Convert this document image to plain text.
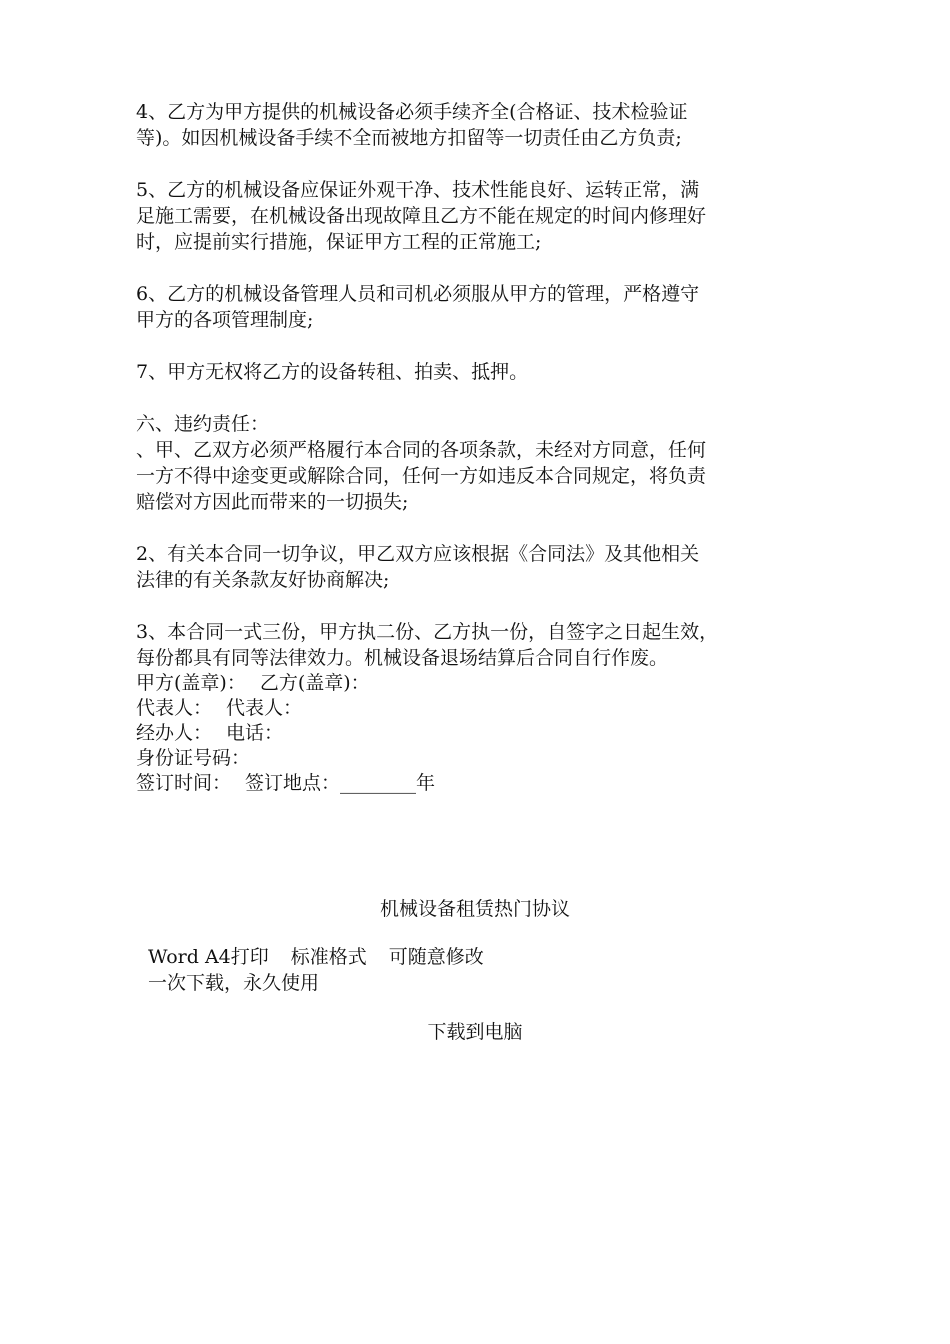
4、乙方为甲方提供的机械设备必须手续齐全(合格证、技术检验证
等)。如因机械设备手续不全而被地方扣留等一切责任由乙方负责;

5、乙方的机械设备应保证外观干净、技术性能良好、运转正常，满
足施工需要，在机械设备出现故障且乙方不能在规定的时间内修理好
时，应提前实行措施，保证甲方工程的正常施工;

6、乙方的机械设备管理人员和司机必须服从甲方的管理，严格遵守
甲方的各项管理制度;

7、甲方无权将乙方的设备转租、拍卖、抵押。

六、违约责任：
、甲、乙双方必须严格履行本合同的各项条款，未经对方同意，任何
一方不得中途变更或解除合同，任何一方如违反本合同规定，将负责
赔偿对方因此而带来的一切损失;

2、有关本合同一切争议，甲乙双方应该根据《合同法》及其他相关
法律的有关条款友好协商解决;

3、本合同一式三份，甲方执二份、乙方执一份，自签字之日起生效，
每份都具有同等法律效力。机械设备退场结算后合同自行作废。

甲方(盖章)： 乙方(盖章)：
代表人： 代表人：
经办人： 电话：
身份证号码：
签订时间： 签订地点：________年
机械设备租赁热门协议
Word A4打印 标准格式 可随意修改
一次下载，永久使用
下载到电脑
